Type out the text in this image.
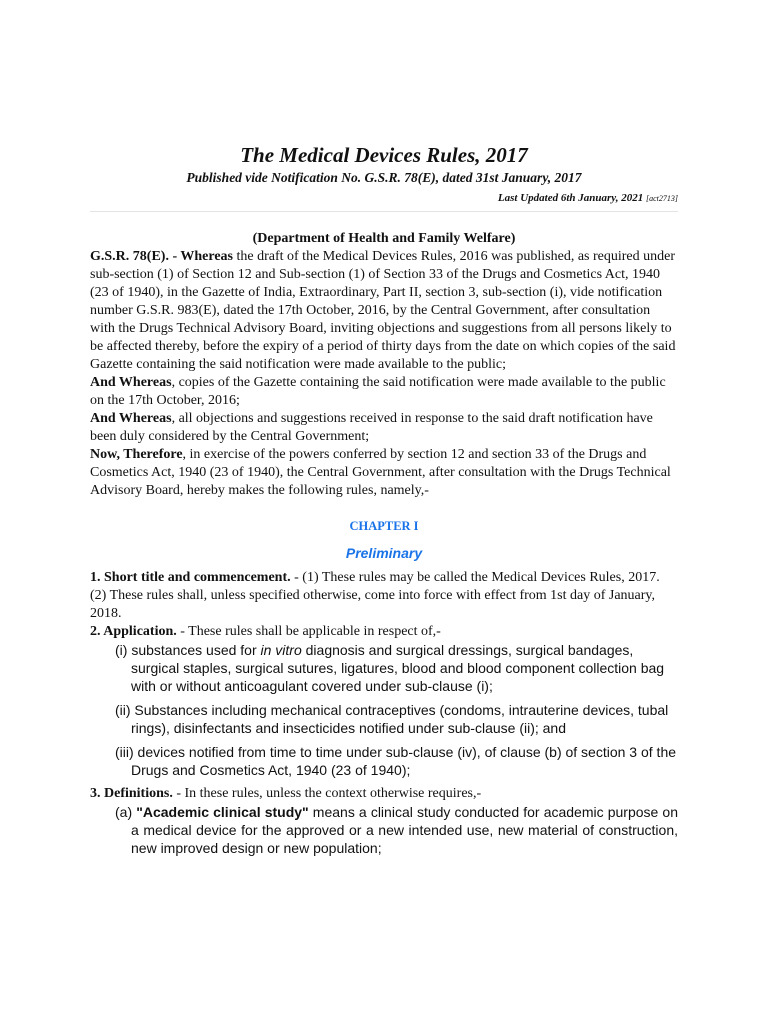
The Medical Devices Rules, 2017
Published vide Notification No. G.S.R. 78(E), dated 31st January, 2017
Last Updated 6th January, 2021 [act2713]
(Department of Health and Family Welfare)

G.S.R. 78(E). - Whereas the draft of the Medical Devices Rules, 2016 was published, as required under sub-section (1) of Section 12 and Sub-section (1) of Section 33 of the Drugs and Cosmetics Act, 1940 (23 of 1940), in the Gazette of India, Extraordinary, Part II, section 3, sub-section (i), vide notification number G.S.R. 983(E), dated the 17th October, 2016, by the Central Government, after consultation with the Drugs Technical Advisory Board, inviting objections and suggestions from all persons likely to be affected thereby, before the expiry of a period of thirty days from the date on which copies of the said Gazette containing the said notification were made available to the public;

And Whereas, copies of the Gazette containing the said notification were made available to the public on the 17th October, 2016;

And Whereas, all objections and suggestions received in response to the said draft notification have been duly considered by the Central Government;

Now, Therefore, in exercise of the powers conferred by section 12 and section 33 of the Drugs and Cosmetics Act, 1940 (23 of 1940), the Central Government, after consultation with the Drugs Technical Advisory Board, hereby makes the following rules, namely,-

CHAPTER I
Preliminary

1. Short title and commencement. - (1) These rules may be called the Medical Devices Rules, 2017.

(2) These rules shall, unless specified otherwise, come into force with effect from 1st day of January, 2018.

2. Application. - These rules shall be applicable in respect of,-

(i) substances used for in vitro diagnosis and surgical dressings, surgical bandages, surgical staples, surgical sutures, ligatures, blood and blood component collection bag with or without anticoagulant covered under sub-clause (i);
(ii) Substances including mechanical contraceptives (condoms, intrauterine devices, tubal rings), disinfectants and insecticides notified under sub-clause (ii); and
(iii) devices notified from time to time under sub-clause (iv), of clause (b) of section 3 of the Drugs and Cosmetics Act, 1940 (23 of 1940);

3. Definitions. - In these rules, unless the context otherwise requires,-

(a) "Academic clinical study" means a clinical study conducted for academic purpose on a medical device for the approved or a new intended use, new material of construction, new improved design or new population;
